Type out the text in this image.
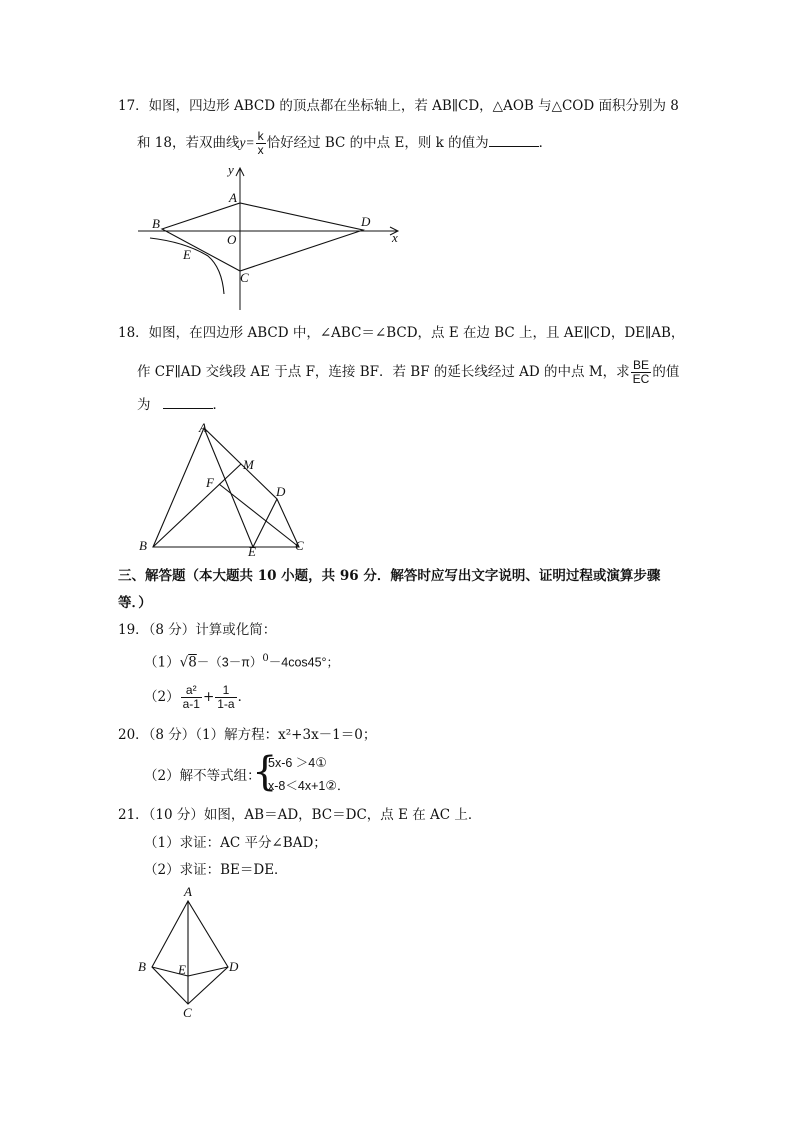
17．如图，四边形 ABCD 的顶点都在坐标轴上，若 AB∥CD，△AOB 与△COD 面积分别为 8
和 18，若双曲线$y= \frac{k}{x}$ 恰好经过 BC 的中点 E，则 k 的值为	．
y
x
A
B	D
O
E
C
18．如图，在四边形 ABCD 中，∠ABC＝∠BCD，点 E 在边 BC 上，且 AE∥CD，DE∥AB，
作 CF∥AD 交线段 AE 于点 F，连接 BF．若 BF 的延长线经过 AD 的中点 M，求 $\frac{BE}{EC}$ 的值
为	．
A
M
F
D
B	E	C
三、解答题（本大题共 10 小题，共 96 分．解答时应写出文字说明、证明过程或演算步骤
等．）
19．（8 分）计算或化简：
$(1)√8-(3-\pi)^0-4\cos 45^\circ$；
$(2) \frac{\text{a²}}{a-1} + \frac{1}{1-a}$ ．
20．（8 分）（1）解方程：x²+3x－1＝0；
（2）解不等式组：
{
5x-6 ＞4①
x-8＜4x+1②．
21．（10 分）如图，AB＝AD，BC＝DC，点 E 在 AC 上．
（1）求证：AC 平分∠BAD；
（2）求证：BE＝DE．
A
B E	D
C
